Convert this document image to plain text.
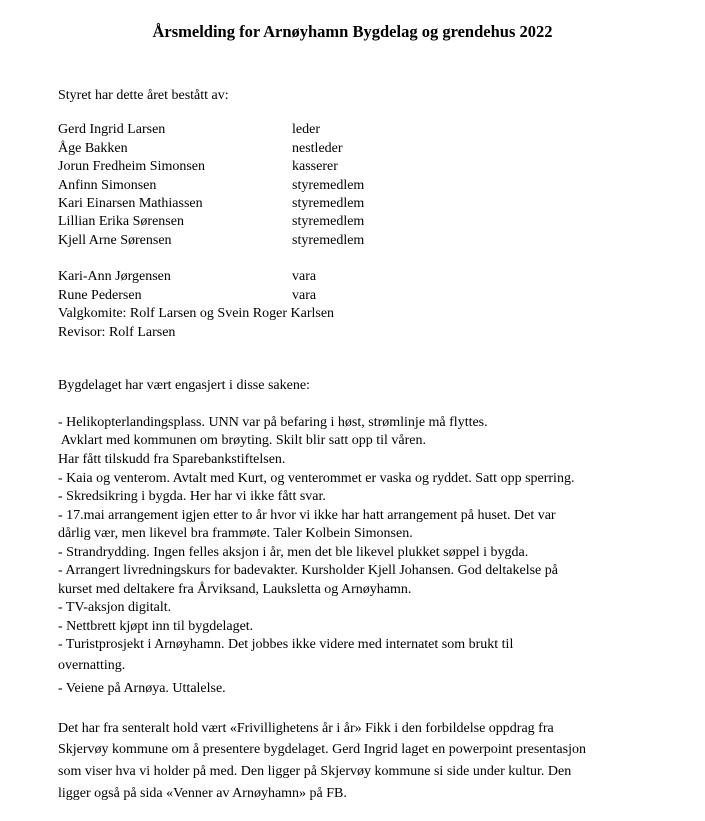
Årsmelding for Arnøyhamn Bygdelag og grendehus 2022
Styret har dette året bestått av:
Gerd Ingrid Larsen	leder
Åge Bakken	nestleder
Jorun Fredheim Simonsen	kasserer
Anfinn Simonsen	styremedlem
Kari Einarsen Mathiassen	styremedlem
Lillian Erika Sørensen	styremedlem
Kjell Arne Sørensen	styremedlem
Kari-Ann Jørgensen	vara
Rune Pedersen	vara
Valgkomite: Rolf Larsen og Svein Roger Karlsen
Revisor: Rolf Larsen
Bygdelaget har vært engasjert i disse sakene:
- Helikopterlandingsplass. UNN var på befaring i høst, strømlinje må flyttes.
Avklart med kommunen om brøyting. Skilt blir satt opp til våren.
Har fått tilskudd fra Sparebankstiftelsen.
- Kaia og venterom. Avtalt med Kurt, og venterommet er vaska og ryddet. Satt opp sperring.
- Skredsikring i bygda. Her har vi ikke fått svar.
- 17.mai arrangement igjen etter to år hvor vi ikke har hatt arrangement på huset. Det var
dårlig vær, men likevel bra frammøte. Taler Kolbein Simonsen.
- Strandrydding. Ingen felles aksjon i år, men det ble likevel plukket søppel i bygda.
- Arrangert livredningskurs for badevakter. Kursholder Kjell Johansen. God deltakelse på
kurset med deltakere fra Årviksand, Lauksletta og Arnøyhamn.
- TV-aksjon digitalt.
- Nettbrett kjøpt inn til bygdelaget.
- Turistprosjekt i Arnøyhamn. Det jobbes ikke videre med internatet som brukt til
overnatting.
- Veiene på Arnøya. Uttalelse.
Det har fra senteralt hold vært «Frivillighetens år i år» Fikk i den forbildelse oppdrag fra
Skjervøy kommune om å presentere bygdelaget. Gerd Ingrid laget en powerpoint presentasjon
som viser hva vi holder på med. Den ligger på Skjervøy kommune si side under kultur. Den
ligger også på sida «Venner av Arnøyhamn» på FB.
